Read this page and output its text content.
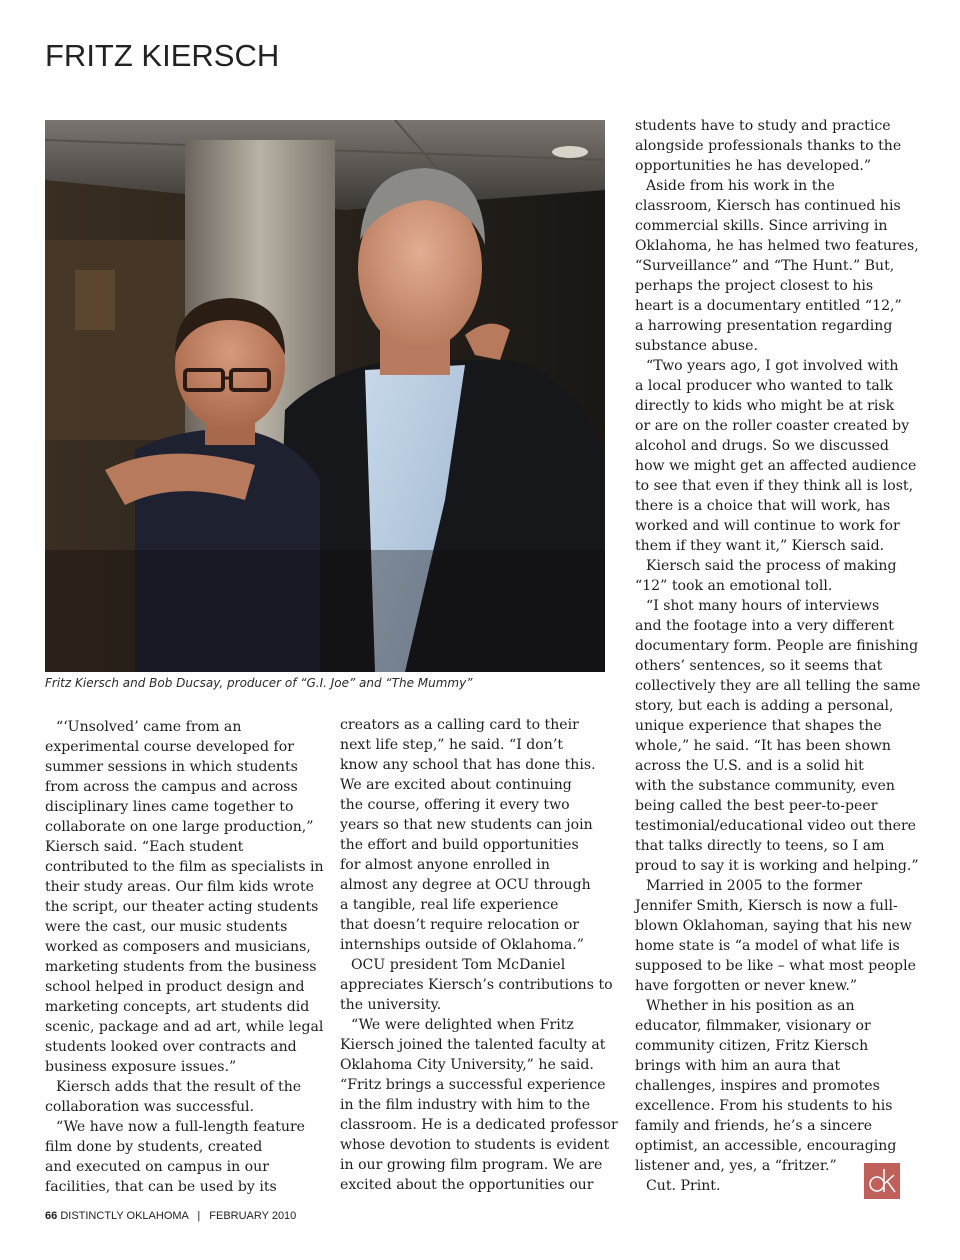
FRITZ KIERSCH
Fritz Kiersch and Bob Ducsay, producer of “G.I. Joe” and “The Mummy”
“‘Unsolved’ came from an
experimental course developed for
summer sessions in which students
from across the campus and across
disciplinary lines came together to
collaborate on one large production,”
Kiersch said. “Each student
contributed to the film as specialists in
their study areas. Our film kids wrote
the script, our theater acting students
were the cast, our music students
worked as composers and musicians,
marketing students from the business
school helped in product design and
marketing concepts, art students did
scenic, package and ad art, while legal
students looked over contracts and
business exposure issues.”
Kiersch adds that the result of the
collaboration was successful.
“We have now a full-length feature
film done by students, created
and executed on campus in our
facilities, that can be used by its
creators as a calling card to their
next life step,” he said. “I don’t
know any school that has done this.
We are excited about continuing
the course, offering it every two
years so that new students can join
the effort and build opportunities
for almost anyone enrolled in
almost any degree at OCU through
a tangible, real life experience
that doesn’t require relocation or
internships outside of Oklahoma.”
OCU president Tom McDaniel
appreciates Kiersch’s contributions to
the university.
“We were delighted when Fritz
Kiersch joined the talented faculty at
Oklahoma City University,” he said.
“Fritz brings a successful experience
in the film industry with him to the
classroom. He is a dedicated professor
whose devotion to students is evident
in our growing film program. We are
excited about the opportunities our
students have to study and practice
alongside professionals thanks to the
opportunities he has developed.”
Aside from his work in the
classroom, Kiersch has continued his
commercial skills. Since arriving in
Oklahoma, he has helmed two features,
“Surveillance” and “The Hunt.” But,
perhaps the project closest to his
heart is a documentary entitled “12,”
a harrowing presentation regarding
substance abuse.
“Two years ago, I got involved with
a local producer who wanted to talk
directly to kids who might be at risk
or are on the roller coaster created by
alcohol and drugs. So we discussed
how we might get an affected audience
to see that even if they think all is lost,
there is a choice that will work, has
worked and will continue to work for
them if they want it,” Kiersch said.
Kiersch said the process of making
“12” took an emotional toll.
“I shot many hours of interviews
and the footage into a very different
documentary form. People are finishing
others’ sentences, so it seems that
collectively they are all telling the same
story, but each is adding a personal,
unique experience that shapes the
whole,” he said. “It has been shown
across the U.S. and is a solid hit
with the substance community, even
being called the best peer-to-peer
testimonial/educational video out there
that talks directly to teens, so I am
proud to say it is working and helping.”
Married in 2005 to the former
Jennifer Smith, Kiersch is now a full-
blown Oklahoman, saying that his new
home state is “a model of what life is
supposed to be like – what most people
have forgotten or never knew.”
Whether in his position as an
educator, filmmaker, visionary or
community citizen, Fritz Kiersch
brings with him an aura that
challenges, inspires and promotes
excellence. From his students to his
family and friends, he’s a sincere
optimist, an accessible, encouraging
listener and, yes, a “fritzer.”
Cut. Print.
66 DISTINCTLY OKLAHOMA | FEBRUARY 2010
